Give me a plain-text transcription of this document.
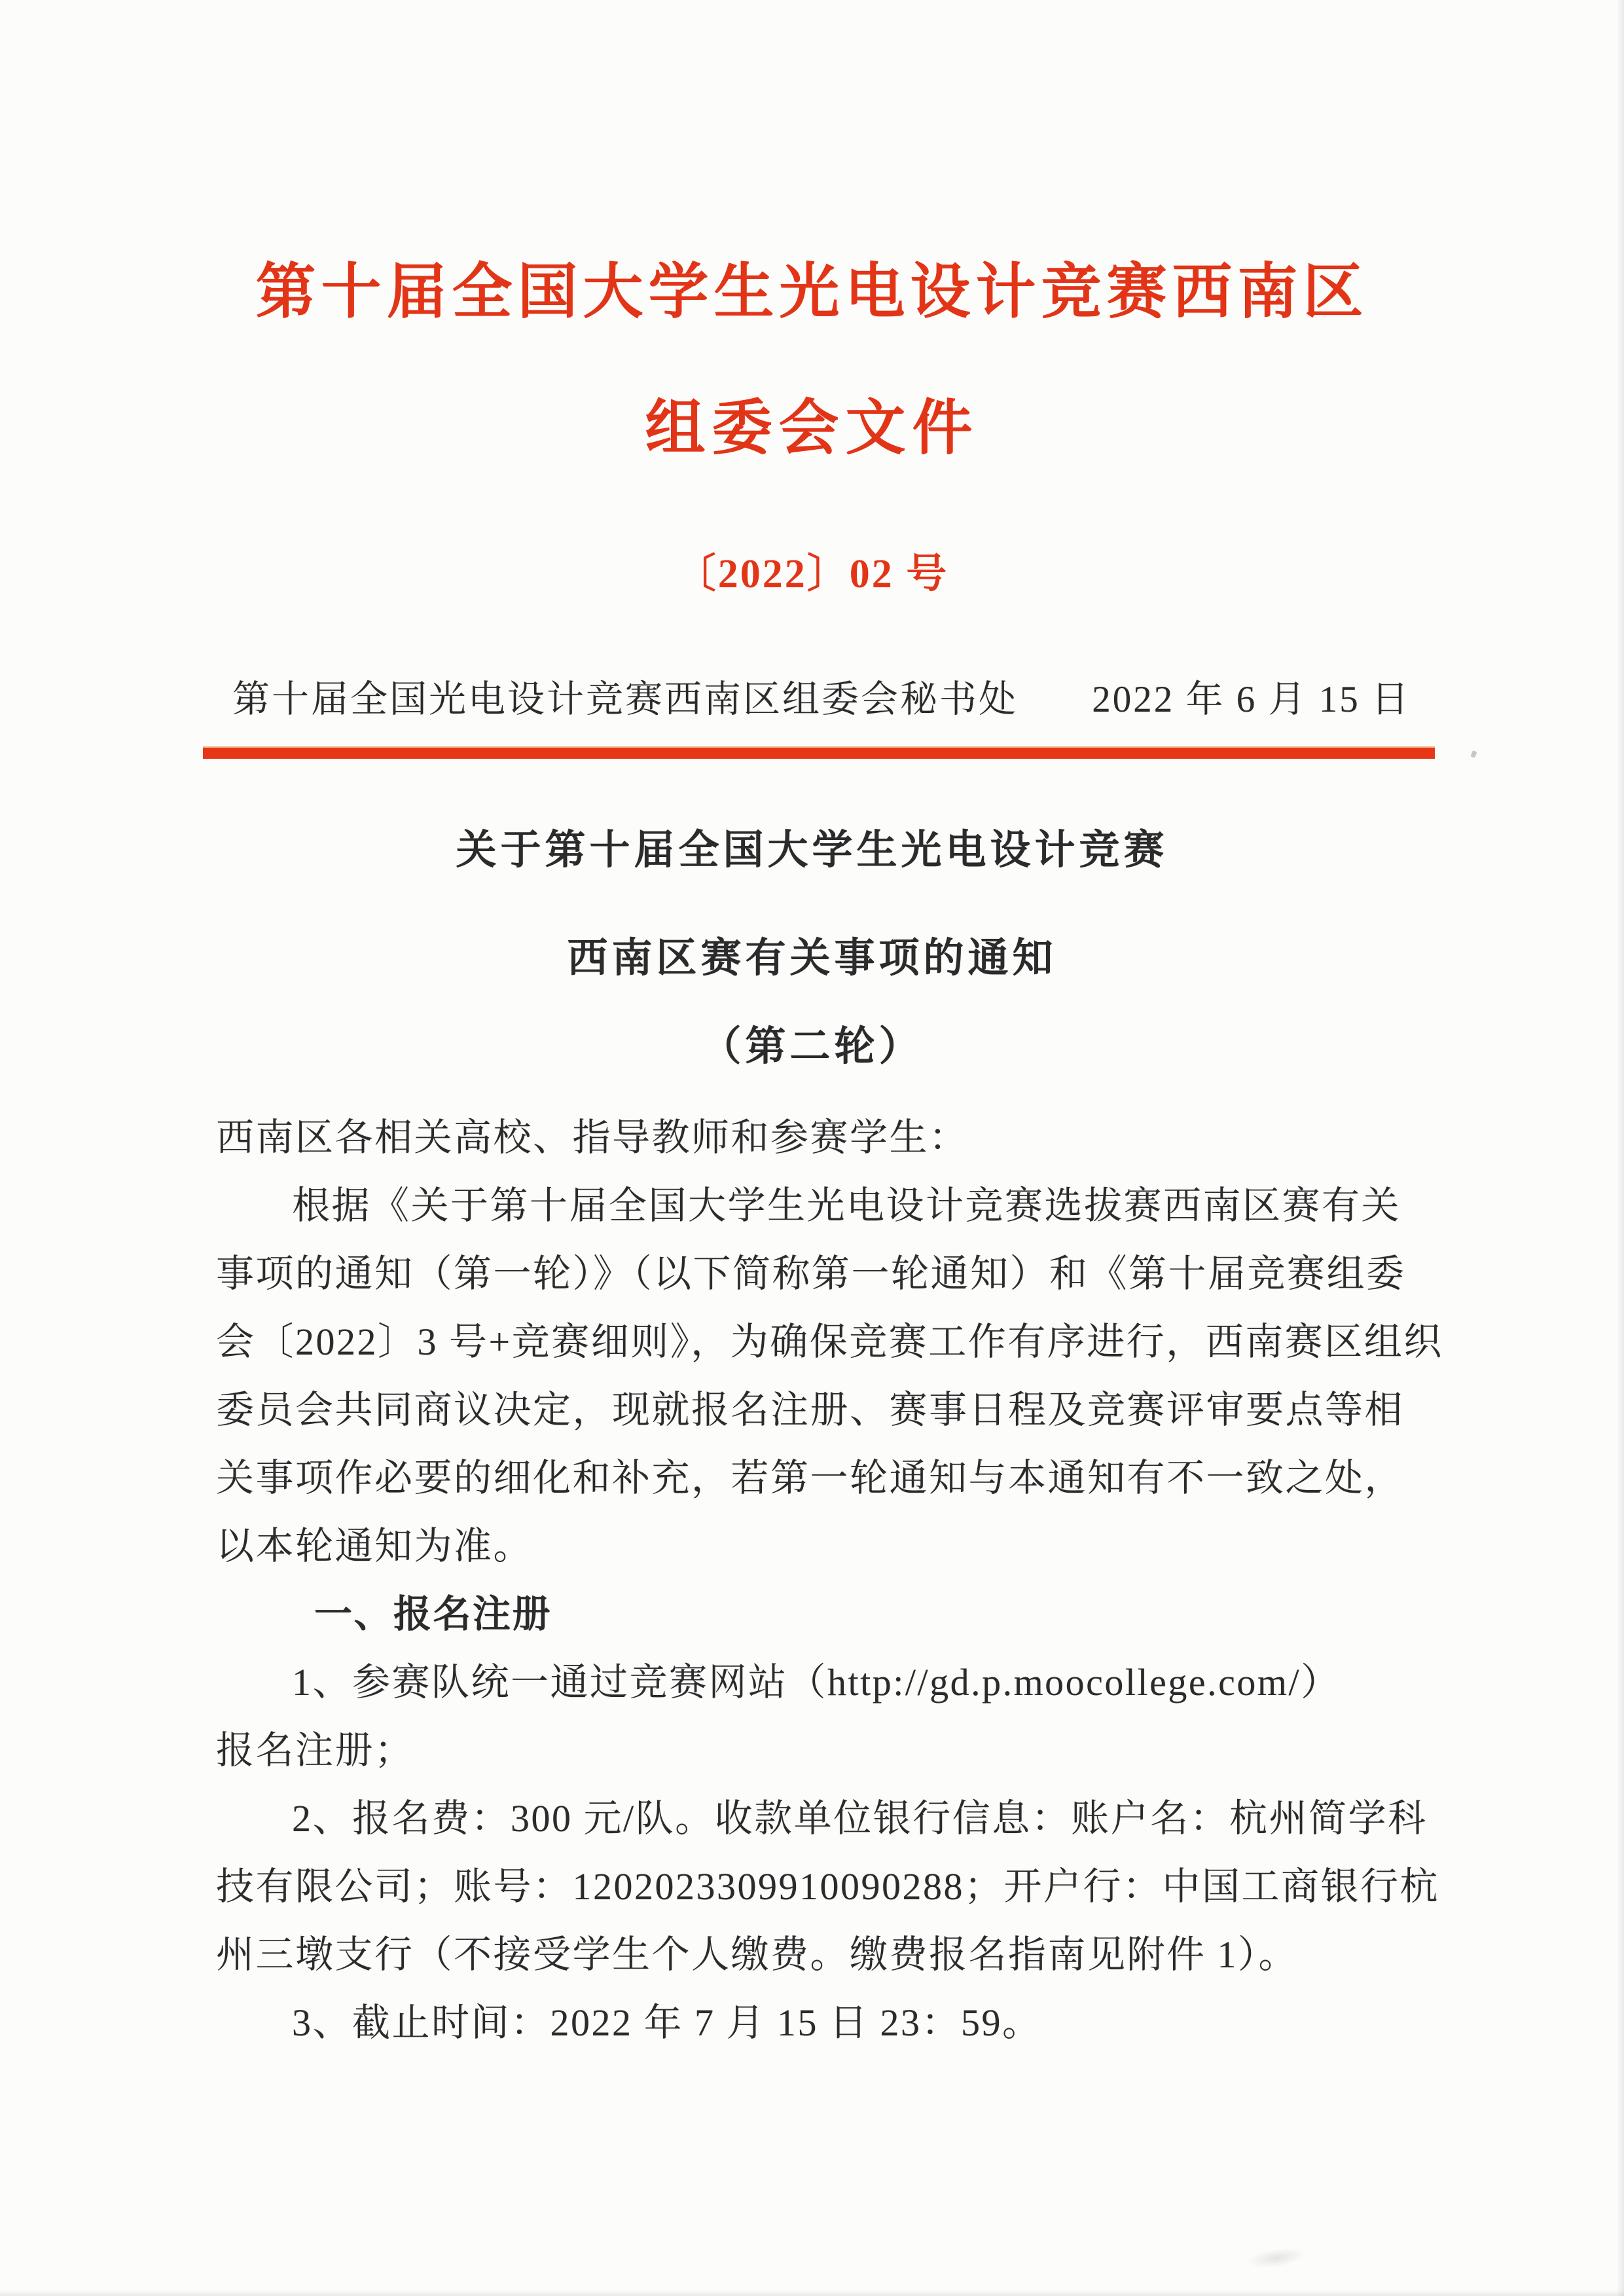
第十届全国大学生光电设计竞赛西南区
组委会文件
〔2022〕02 号
第十届全国光电设计竞赛西南区组委会秘书处 2022 年 6 月 15 日
关于第十届全国大学生光电设计竞赛
西南区赛有关事项的通知
（第二轮）
西南区各相关高校、指导教师和参赛学生：
根据《关于第十届全国大学生光电设计竞赛选拔赛西南区赛有关
事项的通知（第一轮）》（以下简称第一轮通知）和《第十届竞赛组委
会〔2022〕3 号+竞赛细则》，为确保竞赛工作有序进行，西南赛区组织
委员会共同商议决定，现就报名注册、赛事日程及竞赛评审要点等相
关事项作必要的细化和补充，若第一轮通知与本通知有不一致之处，
以本轮通知为准。
一、报名注册
1、参赛队统一通过竞赛网站（http://gd.p.moocollege.com/）
报名注册；
2、报名费：300 元/队。收款单位银行信息：账户名：杭州简学科
技有限公司；账号：1202023309910090288；开户行：中国工商银行杭
州三墩支行（不接受学生个人缴费。缴费报名指南见附件 1）。
3、截止时间：2022 年 7 月 15 日 23：59。
